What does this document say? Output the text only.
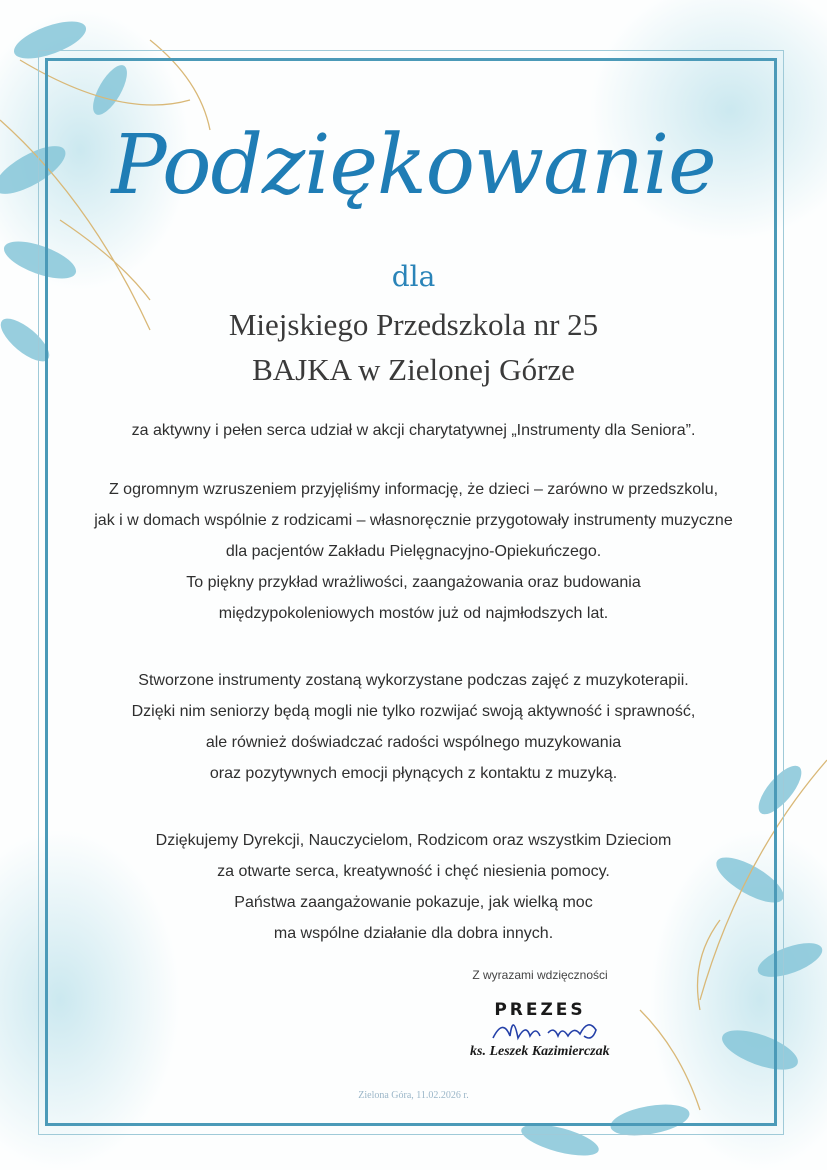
Podziękowanie
dla
Miejskiego Przedszkola nr 25
BAJKA w Zielonej Górze
za aktywny i pełen serca udział w akcji charytatywnej „Instrumenty dla Seniora”.
Z ogromnym wzruszeniem przyjęliśmy informację, że dzieci – zarówno w przedszkolu,
jak i w domach wspólnie z rodzicami – własnoręcznie przygotowały instrumenty muzyczne
dla pacjentów Zakładu Pielęgnacyjno-Opiekuńczego.
To piękny przykład wrażliwości, zaangażowania oraz budowania
międzypokoleniowych mostów już od najmłodszych lat.
Stworzone instrumenty zostaną wykorzystane podczas zajęć z muzykoterapii.
Dzięki nim seniorzy będą mogli nie tylko rozwijać swoją aktywność i sprawność,
ale również doświadczać radości wspólnego muzykowania
oraz pozytywnych emocji płynących z kontaktu z muzyką.
Dziękujemy Dyrekcji, Nauczycielom, Rodzicom oraz wszystkim Dzieciom
za otwarte serca, kreatywność i chęć niesienia pomocy.
Państwa zaangażowanie pokazuje, jak wielką moc
ma wspólne działanie dla dobra innych.
Z wyrazami wdzięczności
PREZES
ks. Leszek Kazimierczak
Zielona Góra, 11.02.2026 r.
